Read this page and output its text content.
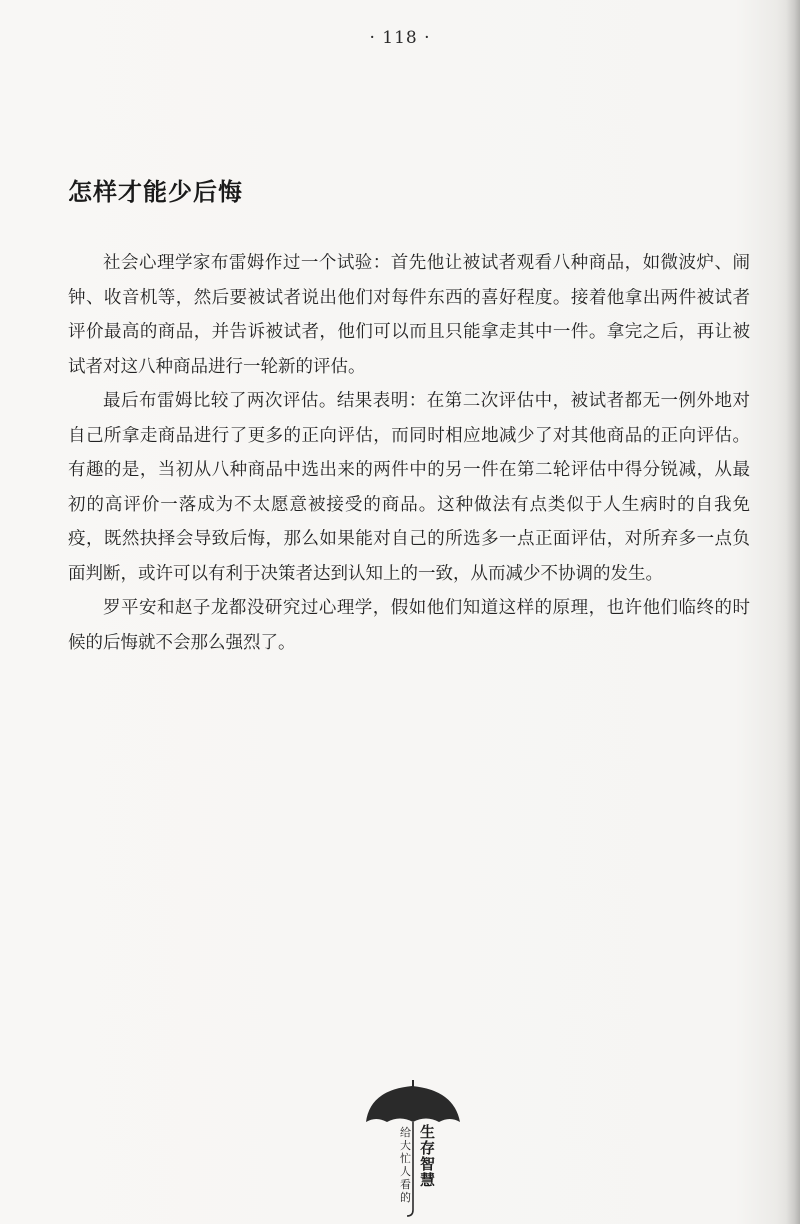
· 118 ·
怎样才能少后悔

社会心理学家布雷姆作过一个试验：首先他让被试者观看八种商品，如微波炉、闹钟、收音机等，然后要被试者说出他们对每件东西的喜好程度。接着他拿出两件被试者评价最高的商品，并告诉被试者，他们可以而且只能拿走其中一件。拿完之后，再让被试者对这八种商品进行一轮新的评估。

最后布雷姆比较了两次评估。结果表明：在第二次评估中，被试者都无一例外地对自己所拿走商品进行了更多的正向评估，而同时相应地减少了对其他商品的正向评估。有趣的是，当初从八种商品中选出来的两件中的另一件在第二轮评估中得分锐减，从最初的高评价一落成为不太愿意被接受的商品。这种做法有点类似于人生病时的自我免疫，既然抉择会导致后悔，那么如果能对自己的所选多一点正面评估，对所弃多一点负面判断，或许可以有利于决策者达到认知上的一致，从而减少不协调的发生。

罗平安和赵子龙都没研究过心理学，假如他们知道这样的原理，也许他们临终的时候的后悔就不会那么强烈了。

生存智慧
给大忙人看的
